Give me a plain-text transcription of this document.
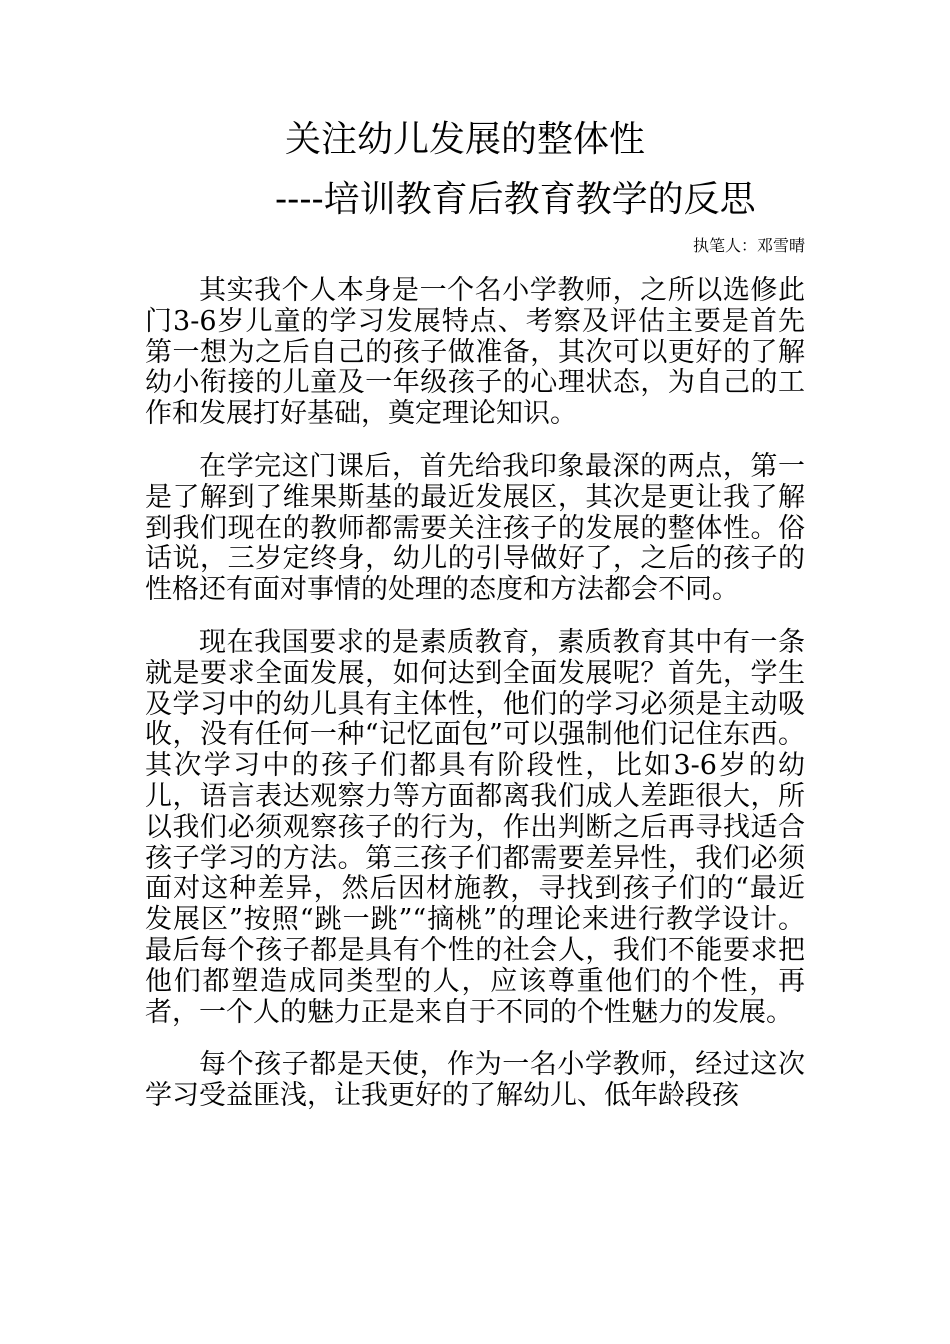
关注幼儿发展的整体性
----培训教育后教育教学的反思
执笔人：邓雪晴

其实我个人本身是一个名小学教师，之所以选修此门3-6岁儿童的学习发展特点、考察及评估主要是首先第一想为之后自己的孩子做准备，其次可以更好的了解幼小衔接的儿童及一年级孩子的心理状态，为自己的工作和发展打好基础，奠定理论知识。

在学完这门课后，首先给我印象最深的两点，第一是了解到了维果斯基的最近发展区，其次是更让我了解到我们现在的教师都需要关注孩子的发展的整体性。俗话说，三岁定终身，幼儿的引导做好了，之后的孩子的性格还有面对事情的处理的态度和方法都会不同。

现在我国要求的是素质教育，素质教育其中有一条就是要求全面发展，如何达到全面发展呢？首先，学生及学习中的幼儿具有主体性，他们的学习必须是主动吸收，没有任何一种“记忆面包”可以强制他们记住东西。其次学习中的孩子们都具有阶段性，比如3-6岁的幼儿，语言表达观察力等方面都离我们成人差距很大，所以我们必须观察孩子的行为，作出判断之后再寻找适合孩子学习的方法。第三孩子们都需要差异性，我们必须面对这种差异，然后因材施教，寻找到孩子们的“最近发展区”按照“跳一跳”“摘桃”的理论来进行教学设计。最后每个孩子都是具有个性的社会人，我们不能要求把他们都塑造成同类型的人，应该尊重他们的个性，再者，一个人的魅力正是来自于不同的个性魅力的发展。

每个孩子都是天使，作为一名小学教师，经过这次学习受益匪浅，让我更好的了解幼儿、低年龄段孩
